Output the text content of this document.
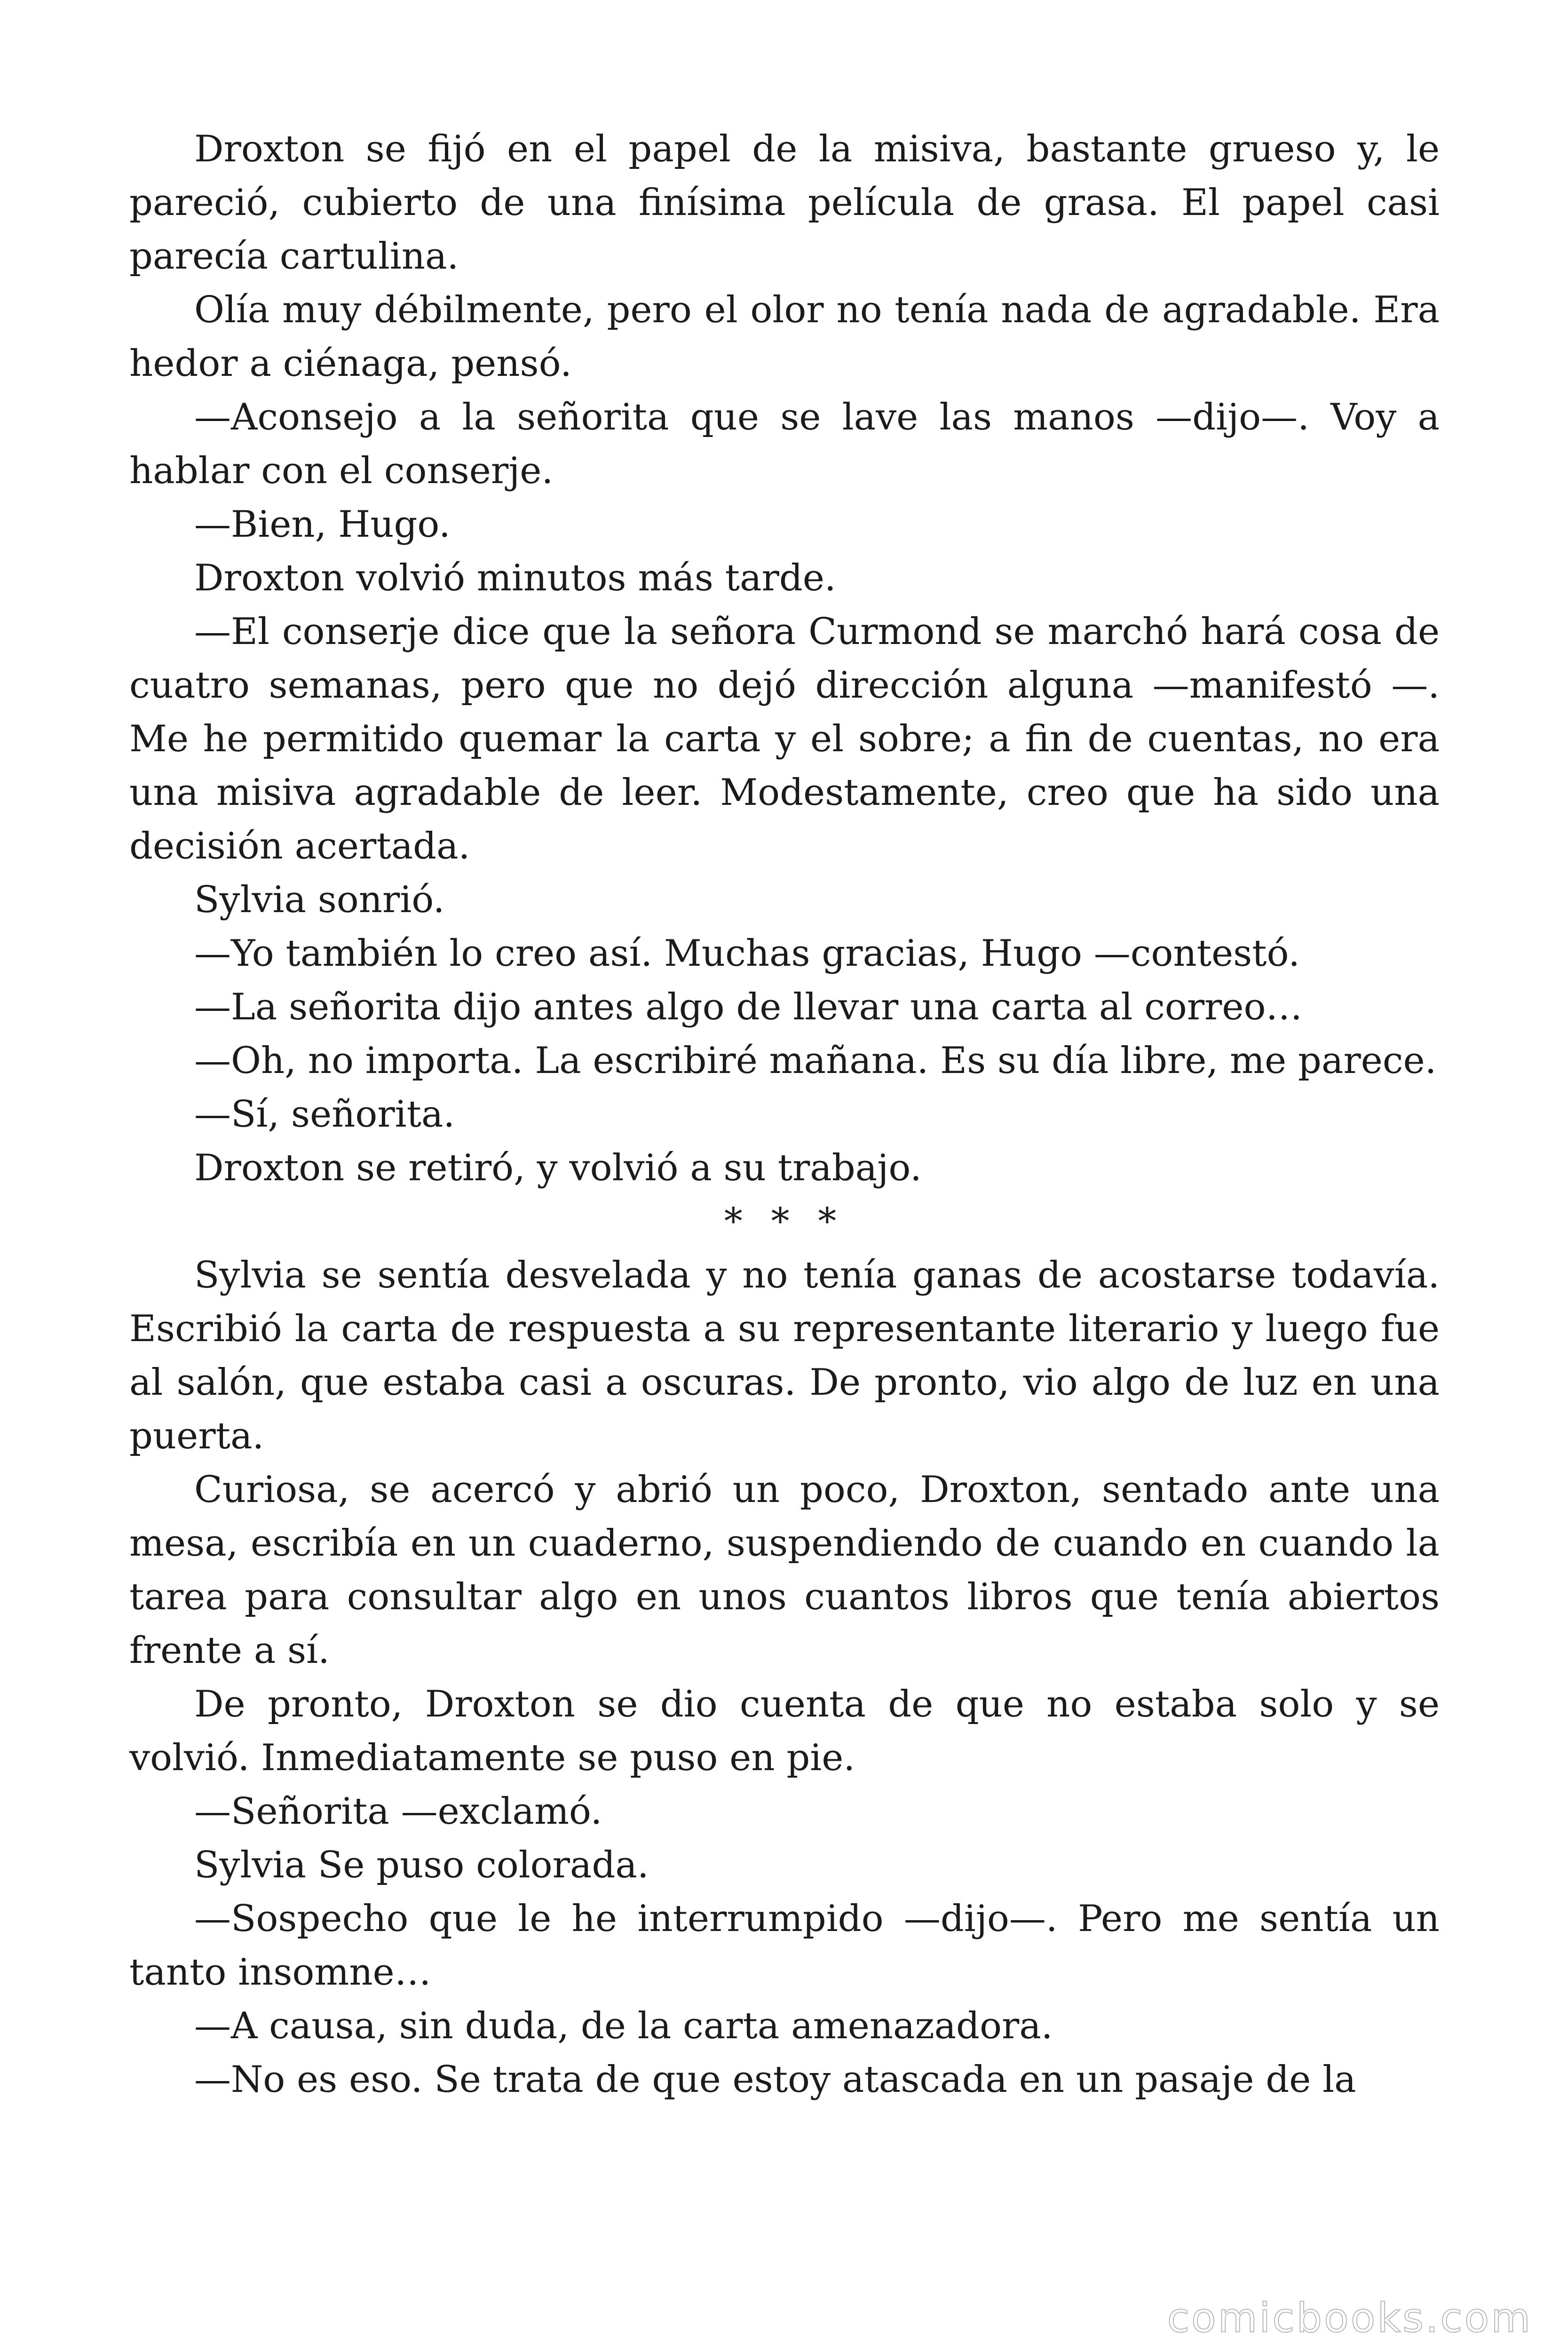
Droxton se fijó en el papel de la misiva, bastante grueso y, le pareció, cubierto de una finísima película de grasa. El papel casi parecía cartulina.

Olía muy débilmente, pero el olor no tenía nada de agradable. Era hedor a ciénaga, pensó.

—Aconsejo a la señorita que se lave las manos —dijo—. Voy a hablar con el conserje.

—Bien, Hugo.

Droxton volvió minutos más tarde.

—El conserje dice que la señora Curmond se marchó hará cosa de cuatro semanas, pero que no dejó dirección alguna —manifestó —. Me he permitido quemar la carta y el sobre; a fin de cuentas, no era una misiva agradable de leer. Modestamente, creo que ha sido una decisión acertada.

Sylvia sonrió.

—Yo también lo creo así. Muchas gracias, Hugo —contestó.

—La señorita dijo antes algo de llevar una carta al correo…

—Oh, no importa. La escribiré mañana. Es su día libre, me parece.

—Sí, señorita.

Droxton se retiró, y volvió a su trabajo.

* * *

Sylvia se sentía desvelada y no tenía ganas de acostarse todavía. Escribió la carta de respuesta a su representante literario y luego fue al salón, que estaba casi a oscuras. De pronto, vio algo de luz en una puerta.

Curiosa, se acercó y abrió un poco, Droxton, sentado ante una mesa, escribía en un cuaderno, suspendiendo de cuando en cuando la tarea para consultar algo en unos cuantos libros que tenía abiertos frente a sí.

De pronto, Droxton se dio cuenta de que no estaba solo y se volvió. Inmediatamente se puso en pie.

—Señorita —exclamó.

Sylvia Se puso colorada.

—Sospecho que le he interrumpido —dijo—. Pero me sentía un tanto insomne…

—A causa, sin duda, de la carta amenazadora.

—No es eso. Se trata de que estoy atascada en un pasaje de la

comicbooks.com
